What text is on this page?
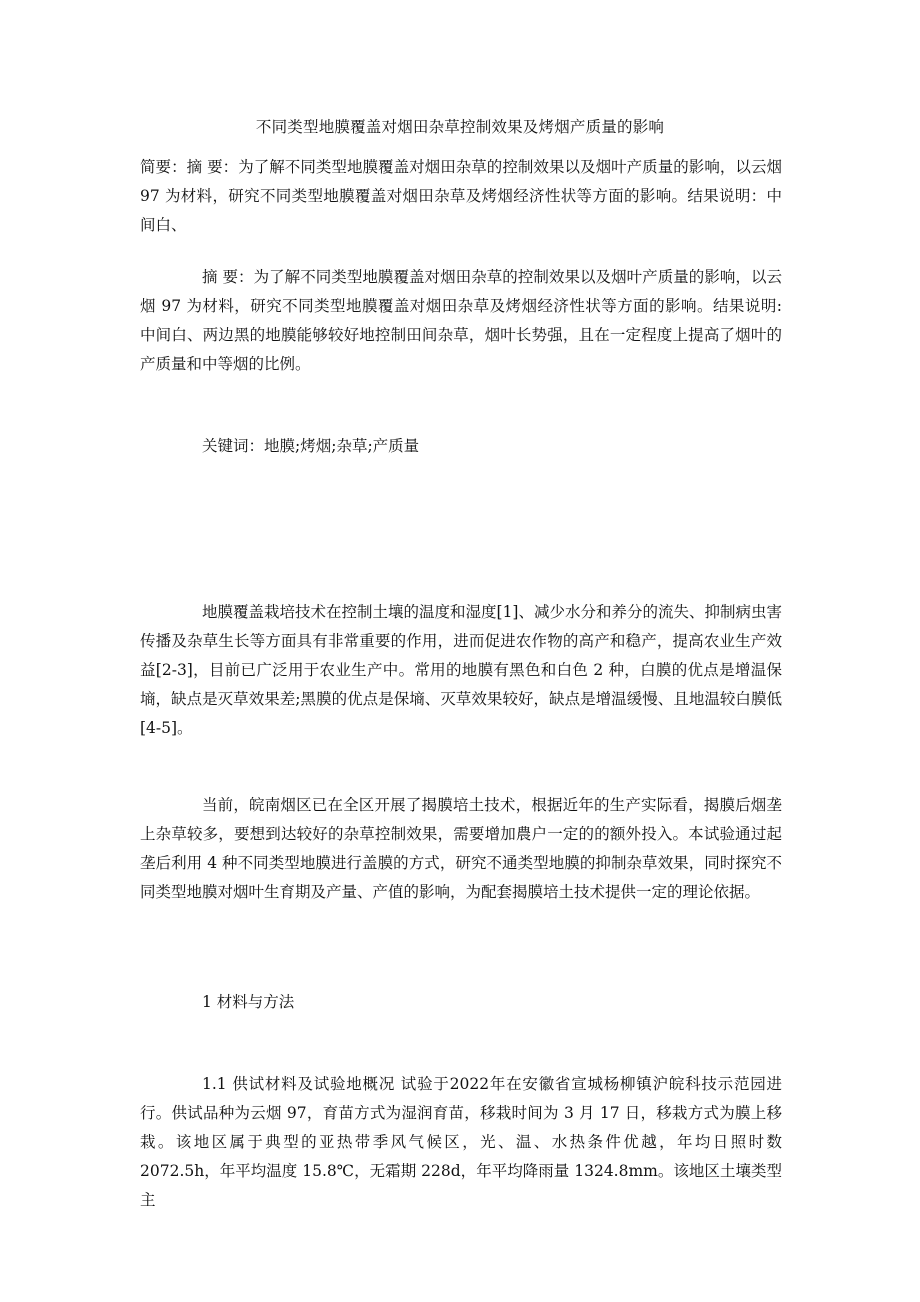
不同类型地膜覆盖对烟田杂草控制效果及烤烟产质量的影响

简要：摘 要：为了解不同类型地膜覆盖对烟田杂草的控制效果以及烟叶产质量的影响，以云烟 97 为材料，研究不同类型地膜覆盖对烟田杂草及烤烟经济性状等方面的影响。结果说明：中间白、

摘 要：为了解不同类型地膜覆盖对烟田杂草的控制效果以及烟叶产质量的影响，以云烟 97 为材料，研究不同类型地膜覆盖对烟田杂草及烤烟经济性状等方面的影响。结果说明: 中间白、两边黑的地膜能够较好地控制田间杂草，烟叶长势强，且在一定程度上提高了烟叶的产质量和中等烟的比例。

关键词：地膜;烤烟;杂草;产质量

地膜覆盖栽培技术在控制土壤的温度和湿度[1]、减少水分和养分的流失、抑制病虫害传播及杂草生长等方面具有非常重要的作用，进而促进农作物的高产和稳产，提高农业生产效益[2-3]，目前已广泛用于农业生产中。常用的地膜有黑色和白色 2 种，白膜的优点是增温保墒，缺点是灭草效果差;黑膜的优点是保墒、灭草效果较好，缺点是增温缓慢、且地温较白膜低[4-5]。

当前，皖南烟区已在全区开展了揭膜培土技术，根据近年的生产实际看，揭膜后烟垄上杂草较多，要想到达较好的杂草控制效果，需要增加農户一定的的额外投入。本试验通过起垄后利用 4 种不同类型地膜进行盖膜的方式，研究不通类型地膜的抑制杂草效果，同时探究不同类型地膜对烟叶生育期及产量、产值的影响，为配套揭膜培土技术提供一定的理论依据。

1 材料与方法

1.1 供试材料及试验地概况 试验于2022年在安徽省宣城杨柳镇沪皖科技示范园进行。供试品种为云烟 97，育苗方式为湿润育苗，移栽时间为 3 月 17 日，移栽方式为膜上移栽。该地区属于典型的亚热带季风气候区，光、温、水热条件优越，年均日照时数 2072.5h，年平均温度 15.8℃，无霜期 228d，年平均降雨量 1324.8mm。该地区土壤类型主
